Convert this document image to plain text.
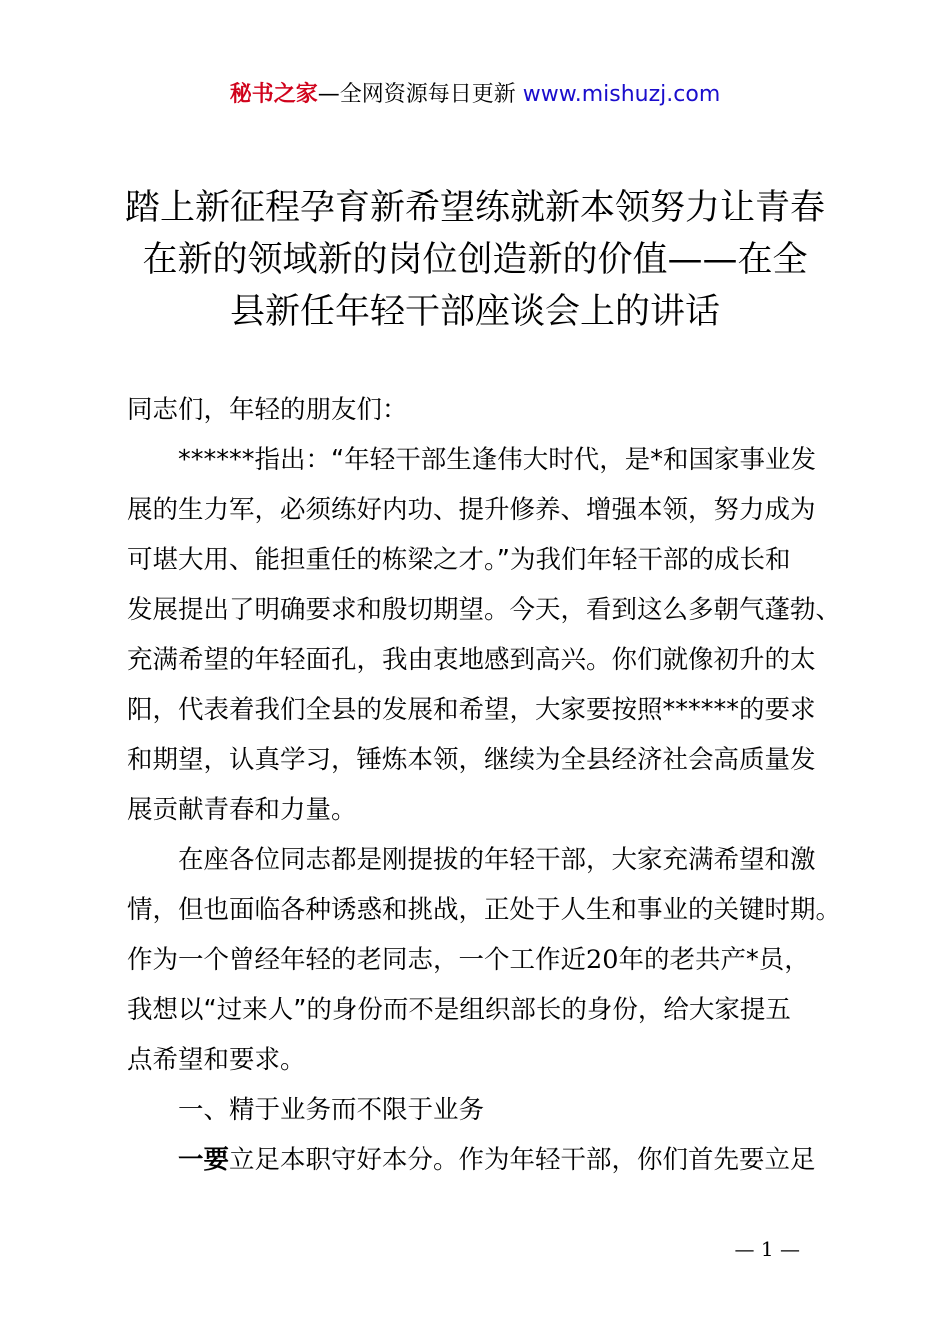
秘书之家—全网资源每日更新 www.mishuzj.com
踏上新征程孕育新希望练就新本领努力让青春
在新的领域新的岗位创造新的价值——在全
县新任年轻干部座谈会上的讲话

同志们，年轻的朋友们：

******指出：“年轻干部生逢伟大时代，是*和国家事业发
展的生力军，必须练好内功、提升修养、增强本领，努力成为
可堪大用、能担重任的栋梁之才。”为我们年轻干部的成长和
发展提出了明确要求和殷切期望。今天，看到这么多朝气蓬勃、
充满希望的年轻面孔，我由衷地感到高兴。你们就像初升的太
阳，代表着我们全县的发展和希望，大家要按照******的要求
和期望，认真学习，锤炼本领，继续为全县经济社会高质量发
展贡献青春和力量。
在座各位同志都是刚提拔的年轻干部，大家充满希望和激
情，但也面临各种诱惑和挑战，正处于人生和事业的关键时期。
作为一个曾经年轻的老同志，一个工作近20年的老共产*员，
我想以“过来人”的身份而不是组织部长的身份，给大家提五
点希望和要求。
一、精于业务而不限于业务
一要立足本职守好本分。作为年轻干部，你们首先要立足
— 1 —
